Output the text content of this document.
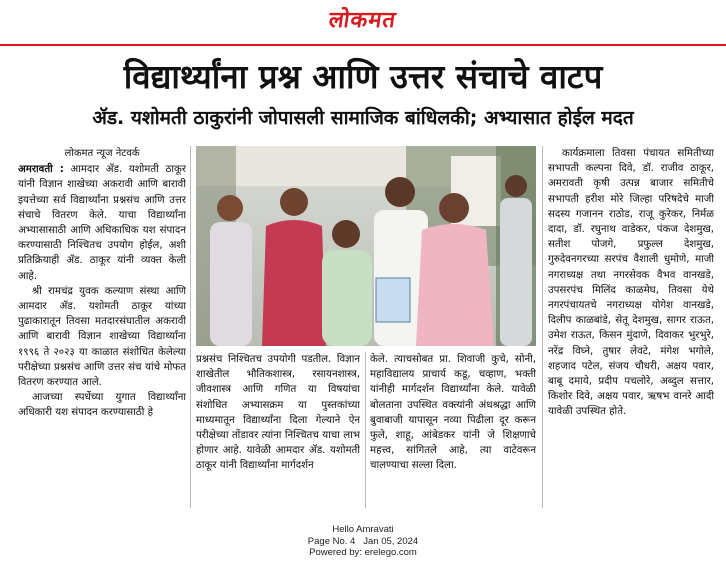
लोकमत
विद्यार्थ्यांना प्रश्न आणि उत्तर संचाचे वाटप
ॲड. यशोमती ठाकुरांनी जोपासली सामाजिक बांधिलकी; अभ्यासात होईल मदत
लोकमत न्यूज नेटवर्क

अमरावती : आमदार ॲड. यशोमती ठाकूर यांनी विज्ञान शाखेच्या अकरावी आणि बारावी इयत्तेच्या सर्व विद्यार्थ्यांना प्रश्नसंच आणि उत्तर संचाचे वितरण केले. याचा विद्यार्थ्यांना अभ्यासासाठी आणि अधिकाधिक यश संपादन करण्यासाठी निश्चितच उपयोग होईल, अशी प्रतिक्रियाही ॲड. ठाकूर यांनी व्यक्त केली आहे.

श्री रामचंद्र युवक कल्याण संस्था आणि आमदार ॲड. यशोमती ठाकूर यांच्या पुढाकारातून तिवसा मतदारसंघातील अकरावी आणि बारावी विज्ञान शाखेच्या विद्यार्थ्यांना १९९६ ते २०२३ या काळात संशोधित केलेल्या परीक्षेच्या प्रश्नसंच आणि उत्तर संच यांचे मोफत वितरण करण्यात आले.

आजच्या स्पर्धेच्या युगात विद्यार्थ्यांना अधिकारी यश संपादन करण्यासाठी हे

प्रश्नसंच निश्चितच उपयोगी पडतील. विज्ञान शाखेतील भौतिकशास्त्र, रसायनशास्त्र, जीवशास्त्र आणि गणित या विषयांचा संशोधित अभ्यासक्रम या पुस्तकांच्या माध्यमातून विद्यार्थ्यांना दिला गेल्याने ऐन परीक्षेच्या तोंडावर त्यांना निश्चितच याचा लाभ होणार आहे. यावेळी आमदार ॲड. यशोमती ठाकूर यांनी विद्यार्थ्यांना मार्गदर्शन

केले. त्याचसोबत प्रा. शिवाजी कुचे, सोनी, महाविद्यालय प्राचार्य कडू, चव्हाण, भक्ती यांनीही मार्गदर्शन विद्यार्थ्यांना केले. यावेळी बोलताना उपस्थित वक्त्यांनी अंधश्रद्धा आणि बुवाबाजी यापासून नव्या पिढीला दूर करून फुले, शाहू, आंबेडकर यांनी जे शिक्षणाचे महत्त्व, सांगितले आहे, त्या वाटेवरून चालण्याचा सल्ला दिला.

कार्यक्रमाला तिवसा पंचायत समितीच्या सभापती कल्पना दिवे, डॉ. राजीव ठाकूर, अमरावती कृषी उत्पन्न बाजार समितीचे सभापती हरीश मोरे जिल्हा परिषदेचे माजी सदस्य गजानन राठोड, राजू कुरेकर, निर्मळ दादा, डॉ. रघुनाथ वाडेकर, पंकज देशमुख, सतीश पोजगे, प्रफुल्ल देशमुख, गुरुदेवनगरच्या सरपंच वैशाली धुमोणे, माजी नगराध्यक्ष तथा नगरसेवक वैभव वानखडे, उपसरपंच मिलिंद काळमेघ, तिवसा येथे नगरपंचायतचे नगराध्यक्ष योगेश वानखडे, दिलीप काळबांडे, सेतू देशमुख, सागर राऊत, उमेश राऊत, किसन मुंदाणे, दिवाकर भुरभुरे, नरेंद्र विघ्ने, तुषार लेवटे, मंगेश भगोले, शहजाद पटेल, संजय चौधरी, अक्षय पवार, बाबू दमाये, प्रदीप पचलोरे, अब्दुल सत्तार, किशोर दिवे, अक्षय पवार, ऋषभ वानरे आदी यावेळी उपस्थित होते.

Hello Amravati
Page No. 4   Jan 05, 2024
Powered by: erelego.com
